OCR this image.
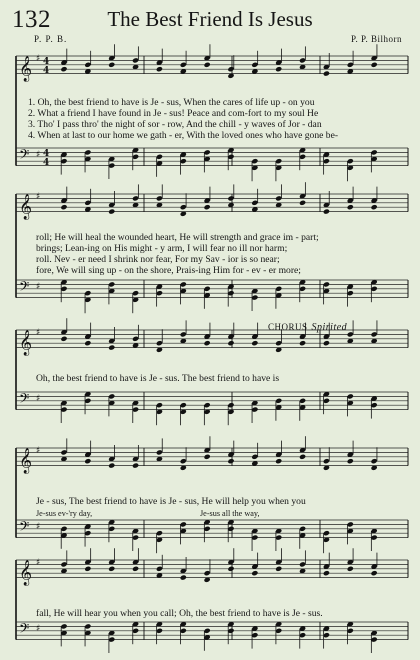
132	The Best Friend Is Jesus
P. P. B.	P. P. Bilhorn
𝄞 ♯ 4
4
𝄢 ♯ 4
4
𝄞 ♯
𝄢 ♯
𝄞 ♯
𝄢 ♯
𝄞 ♯
𝄢 ♯
𝄞 ♯
𝄢 ♯
1. Oh, the best friend to have is Je - sus, When the cares of life up - on you
2. What a friend I have found in Je - sus! Peace and com-fort to my soul He
3. Tho' I pass thro' the night of sor - row, And the chill - y waves of Jor - dan
4. When at last to our home we gath - er, With the loved ones who have gone be-
roll; He will heal the wounded heart, He will strength and grace im - part;
brings; Lean-ing on His might - y arm, I will fear no ill nor harm;
roll. Nev - er need I shrink nor fear, For my Sav - ior is so near;
fore, We will sing up - on the shore, Prais-ing Him for - ev - er more;
CHORUS Spirited
Oh, the best friend to have is Je - sus. The best friend to have is
Je - sus, The best friend to have is Je - sus, He will help you when you
Je-sus ev-'ry day,	Je-sus all the way,
fall, He will hear you when you call; Oh, the best friend to have is Je - sus.
